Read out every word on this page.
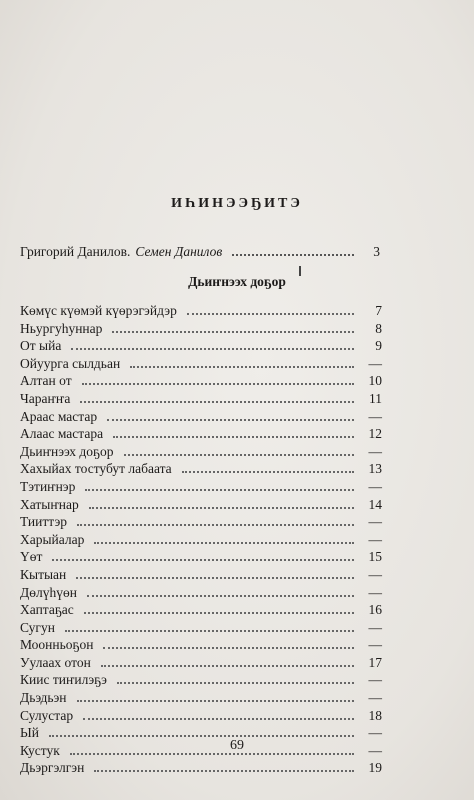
ИҺИНЭЭҔИТЭ
Григорий Данилов. Семен Данилов	3
Дьиҥнээх доҕор
Көмүс күөмэй күөрэгэйдэр	7
Ньургуһуннар	8
От ыйа	9
Ойуурга сылдьан	—
Алтан от	10
Чараҥҥа	11
Араас мастар	—
Алаас мастара	12
Дьиҥнээх доҕор	—
Хахыйах тостубут лабаата	13
Тэтиҥнэр	—
Хатыҥнар	14
Тииттэр	—
Харыйалар	—
Үөт	15
Кытыан	—
Дөлүһүөн	—
Хаптаҕас	16
Сугун	—
Моонньоҕон	—
Уулаах отон	17
Киис тиҥилэҕэ	—
Дьэдьэн	—
Сулустар	18
Ый	—
Кустук	—
Дьэргэлгэн	19
69
